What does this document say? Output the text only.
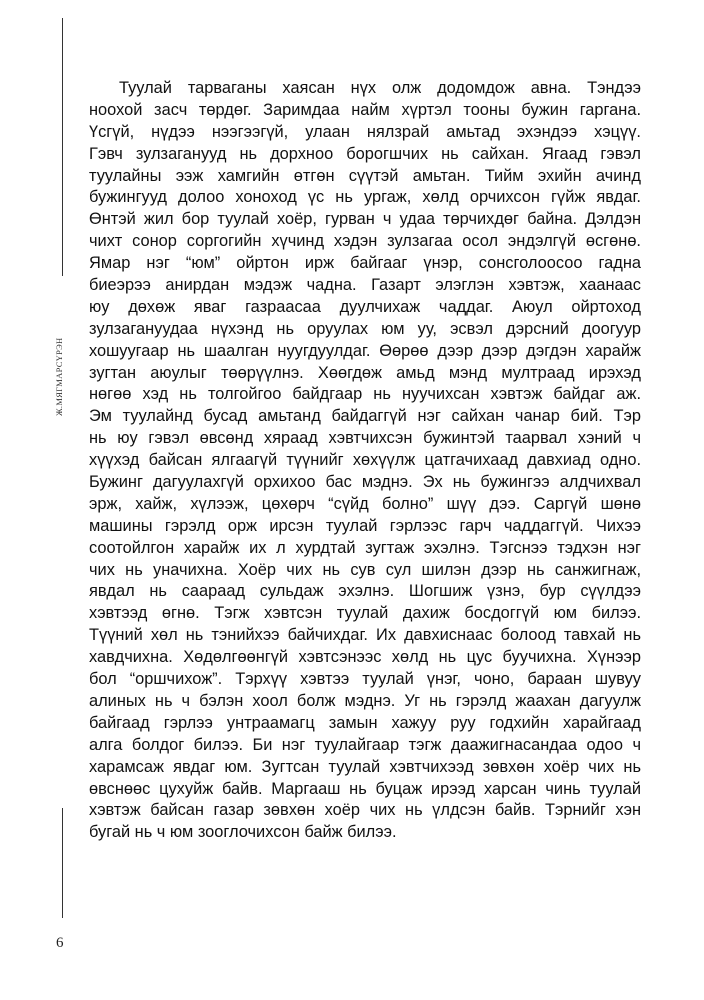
Ж.МЯГМАРСҮРЭН
Туулай тарваганы хаясан нүх олж додомдож авна. Тэндээ
ноохой засч төрдөг. Заримдаа найм хүртэл тооны бужин гаргана.
Үсгүй, нүдээ нээгээгүй, улаан нялзрай амьтад эхэндээ хэцүү.
Гэвч зулзаганууд нь дорхноо борогшчих нь сайхан. Ягаад гэвэл
туулайны ээж хамгийн өтгөн сүүтэй амьтан. Тийм эхийн ачинд
бужингууд долоо хоноход үс нь ургаж, хөлд орчихсон гүйж явдаг.
Өнтэй жил бор туулай хоёр, гурван ч удаа төрчихдөг байна. Дэлдэн
чихт сонор соргогийн хүчинд хэдэн зулзагаа осол эндэлгүй өсгөнө.
Ямар нэг “юм” ойртон ирж байгааг үнэр, сонсголоосоо гадна
биеэрээ анирдан мэдэж чадна. Газарт элэглэн хэвтэж, хаанаас
юу дөхөж яваг газраасаа дуулчихаж чаддаг. Аюул ойртоход
зулзагануудаа нүхэнд нь оруулах юм уу, эсвэл дэрсний доогуур
хошуугаар нь шаалган нуугдуулдаг. Өөрөө дээр дээр дэгдэн харайж
зугтан аюулыг төөрүүлнэ. Хөөгдөж амьд мэнд мултраад ирэхэд
нөгөө хэд нь толгойгоо байдгаар нь нуучихсан хэвтэж байдаг аж.
Эм туулайнд бусад амьтанд байдаггүй нэг сайхан чанар бий. Тэр
нь юу гэвэл өвсөнд хяраад хэвтчихсэн бужинтэй таарвал хэний ч
хүүхэд байсан ялгаагүй түүнийг хөхүүлж цатгачихаад давхиад одно.
Бужинг дагуулахгүй орхихоо бас мэднэ. Эх нь бужингээ алдчихвал
эрж, хайж, хүлээж, цөхөрч “сүйд болно” шүү дээ. Саргүй шөнө
машины гэрэлд орж ирсэн туулай гэрлээс гарч чаддаггүй. Чихээ
соотойлгон харайж их л хурдтай зугтаж эхэлнэ. Тэгснээ тэдхэн нэг
чих нь уначихна. Хоёр чих нь сув сул шилэн дээр нь санжигнаж,
явдал нь саараад сульдаж эхэлнэ. Шогшиж үзнэ, бур сүүлдээ
хэвтээд өгнө. Тэгж хэвтсэн туулай дахиж босдоггүй юм билээ.
Түүний хөл нь тэнийхээ байчихдаг. Их давхиснаас болоод тавхай нь
хавдчихна. Хөдөлгөөнгүй хэвтсэнээс хөлд нь цус буучихна. Хүнээр
бол “оршчихож”. Тэрхүү хэвтээ туулай үнэг, чоно, бараан шувуу
алиных нь ч бэлэн хоол болж мэднэ. Уг нь гэрэлд жаахан дагуулж
байгаад гэрлээ унтраамагц замын хажуу руу годхийн харайгаад
алга болдог билээ. Би нэг туулайгаар тэгж даажигнасандаа одоо ч
харамсаж явдаг юм. Зугтсан туулай хэвтчихээд зөвхөн хоёр чих нь
өвснөөс цухуйж байв. Маргааш нь буцаж ирээд харсан чинь туулай
хэвтэж байсан газар зөвхөн хоёр чих нь үлдсэн байв. Тэрнийг хэн
бугай нь ч юм зооглочихсон байж билээ.
6
